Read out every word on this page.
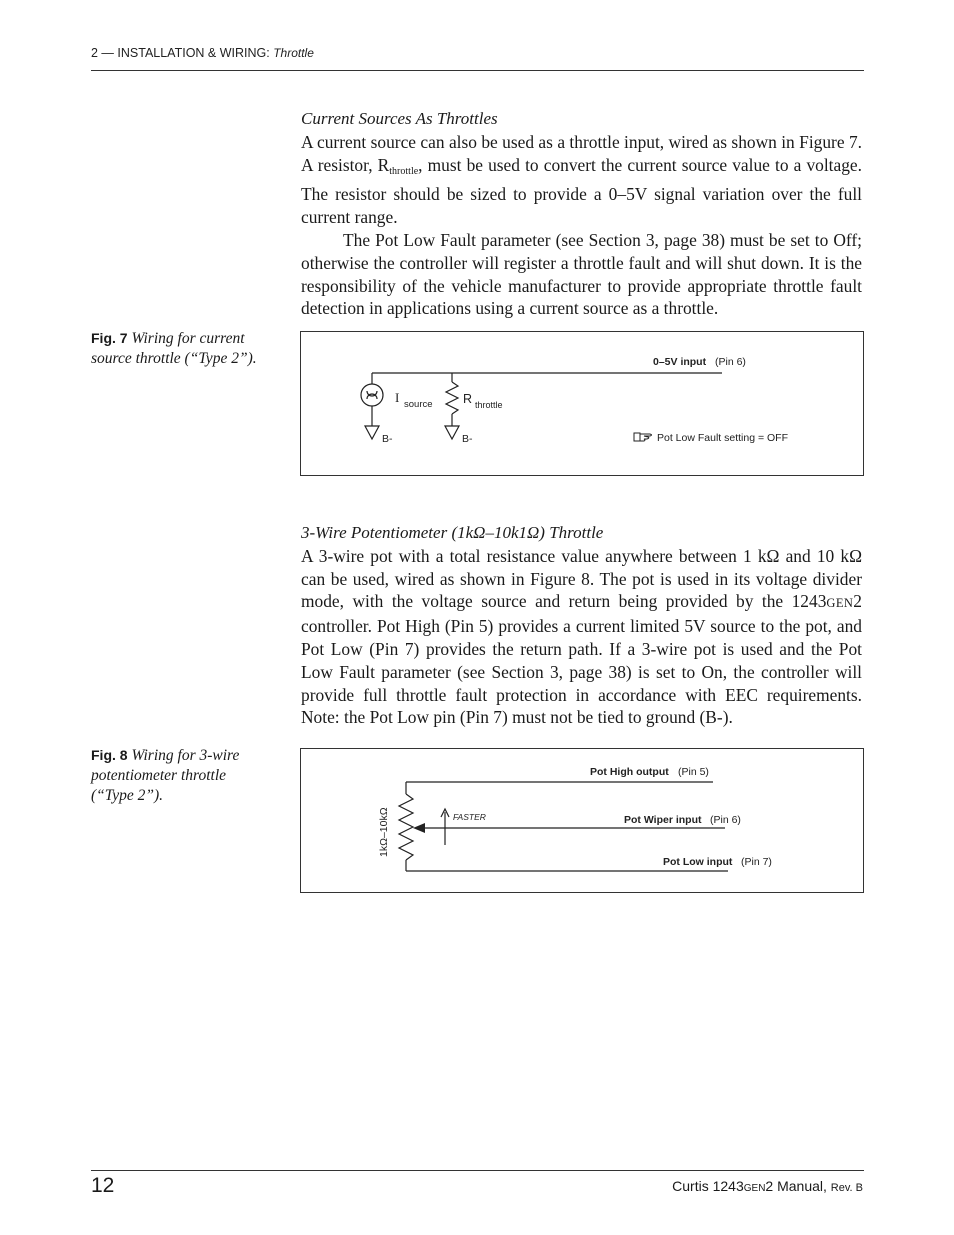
2 — INSTALLATION & WIRING: Throttle
Current Sources As Throttles

A current source can also be used as a throttle input, wired as shown in Figure 7. A resistor, $R_{throttle}$, must be used to convert the current source value to a voltage. The resistor should be sized to provide a 0–5V signal variation over the full current range.

The Pot Low Fault parameter (see Section 3, page 38) must be set to Off; otherwise the controller will register a throttle fault and will shut down. It is the responsibility of the vehicle manufacturer to provide appropriate throttle fault detection in applications using a current source as a throttle.

Fig. 7 Wiring for current source throttle (“Type 2”).	0–5V input (Pin 6)
I source R throttle
B-	B-	Pot Low Fault setting = OFF
3-Wire Potentiometer (1kΩ–10k1Ω) Throttle

A 3-wire pot with a total resistance value anywhere between 1 kΩ and 10 kΩ can be used, wired as shown in Figure 8. The pot is used in its voltage divider mode, with the voltage source and return being provided by the 1243GEN2 controller. Pot High (Pin 5) provides a current limited 5V source to the pot, and Pot Low (Pin 7) provides the return path. If a 3-wire pot is used and the Pot Low Fault parameter (see Section 3, page 38) is set to On, the controller will provide full throttle fault protection in accordance with EEC requirements. Note: the Pot Low pin (Pin 7) must not be tied to ground (B-).

Fig. 8 Wiring for 3-wire potentiometer throttle (“Type 2”).
Pot High output (Pin 5)
Pot Wiper input (Pin 6)
Pot Low input (Pin 7)
FASTER
1kΩ–10kΩ
12	Curtis 1243GEN2 Manual, Rev. B
